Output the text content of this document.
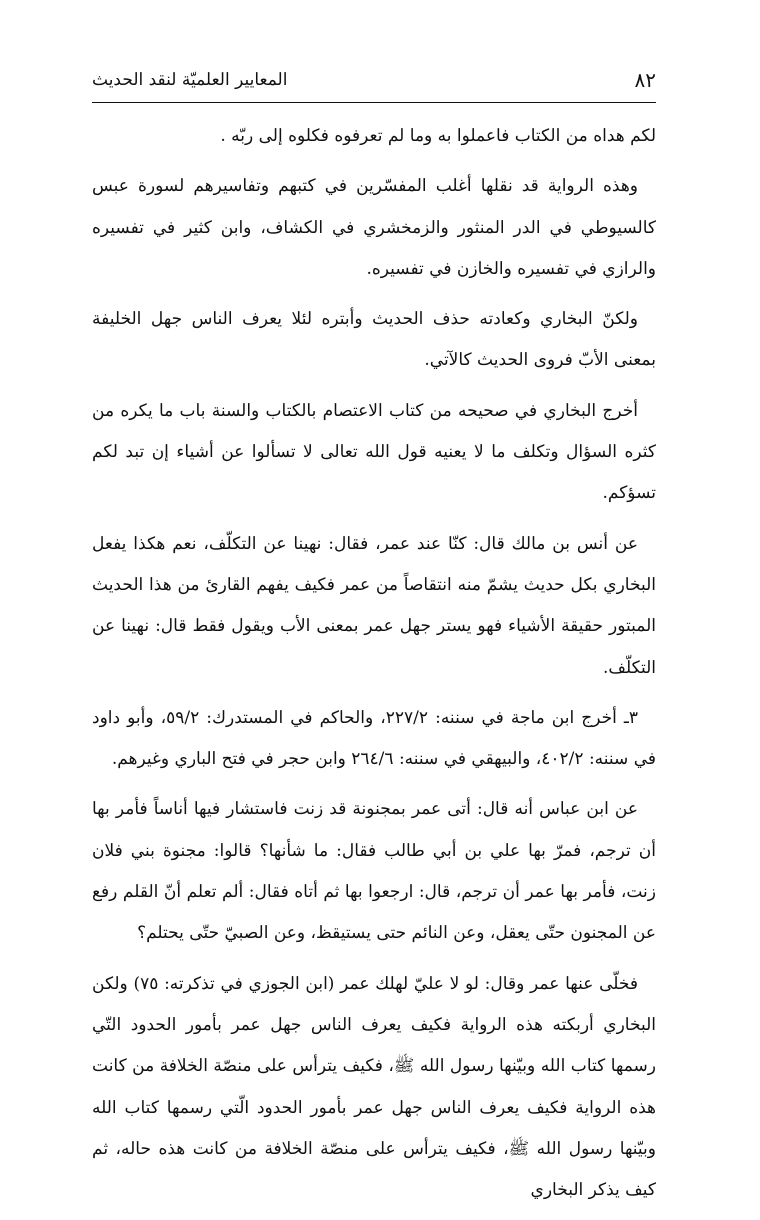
٨٢
المعايير العلميّة لنقد الحديث

لكم هداه من الكتاب فاعملوا به وما لم تعرفوه فكلوه إلى ربّه .

وهذه الرواية قد نقلها أغلب المفسّرين في كتبهم وتفاسيرهم لسورة عبس كالسيوطي في الدر المنثور والزمخشري في الكشاف، وابن كثير في تفسيره والرازي في تفسيره والخازن في تفسيره.

ولكنّ البخاري وكعادته حذف الحديث وأبتره لئلا يعرف الناس جهل الخليفة بمعنى الأبّ فروى الحديث كالآتي.

أخرج البخاري في صحيحه من كتاب الاعتصام بالكتاب والسنة باب ما يكره من كثره السؤال وتكلف ما لا يعنيه قول الله تعالى لا تسألوا عن أشياء إن تبد لكم تسؤكم.

عن أنس بن مالك قال: كنّا عند عمر، فقال: نهينا عن التكلّف، نعم هكذا يفعل البخاري بكل حديث يشمّ منه انتقاصاً من عمر فكيف يفهم القارئ من هذا الحديث المبتور حقيقة الأشياء فهو يستر جهل عمر بمعنى الأب ويقول فقط قال: نهينا عن التكلّف.

٣ـ أخرج ابن ماجة في سننه: ٢٢٧/٢، والحاكم في المستدرك: ٥٩/٢، وأبو داود في سننه: ٤٠٢/٢، والبيهقي في سننه: ٢٦٤/٦ وابن حجر في فتح الباري وغيرهم.

عن ابن عباس أنه قال: أتى عمر بمجنونة قد زنت فاستشار فيها أناساً فأمر بها أن ترجم، فمرّ بها علي بن أبي طالب فقال: ما شأنها؟ قالوا: مجنوة بني فلان زنت، فأمر بها عمر أن ترجم، قال: ارجعوا بها ثم أتاه فقال: ألم تعلم أنّ القلم رفع عن المجنون حتّى يعقل، وعن النائم حتى يستيقظ، وعن الصبيّ حتّى يحتلم؟

فخلّى عنها عمر وقال: لو لا عليّ لهلك عمر (ابن الجوزي في تذكرته: ٧٥) ولكن البخاري أربكته هذه الرواية فكيف يعرف الناس جهل عمر بأمور الحدود التّي رسمها كتاب الله وبيّنها رسول الله ﷺ، فكيف يترأس على منصّة الخلافة من كانت هذه الرواية فكيف يعرف الناس جهل عمر بأمور الحدود الّتي رسمها كتاب الله وبيّنها رسول الله ﷺ، فكيف يترأس على منصّة الخلافة من كانت هذه حاله، ثم كيف يذكر البخاري
